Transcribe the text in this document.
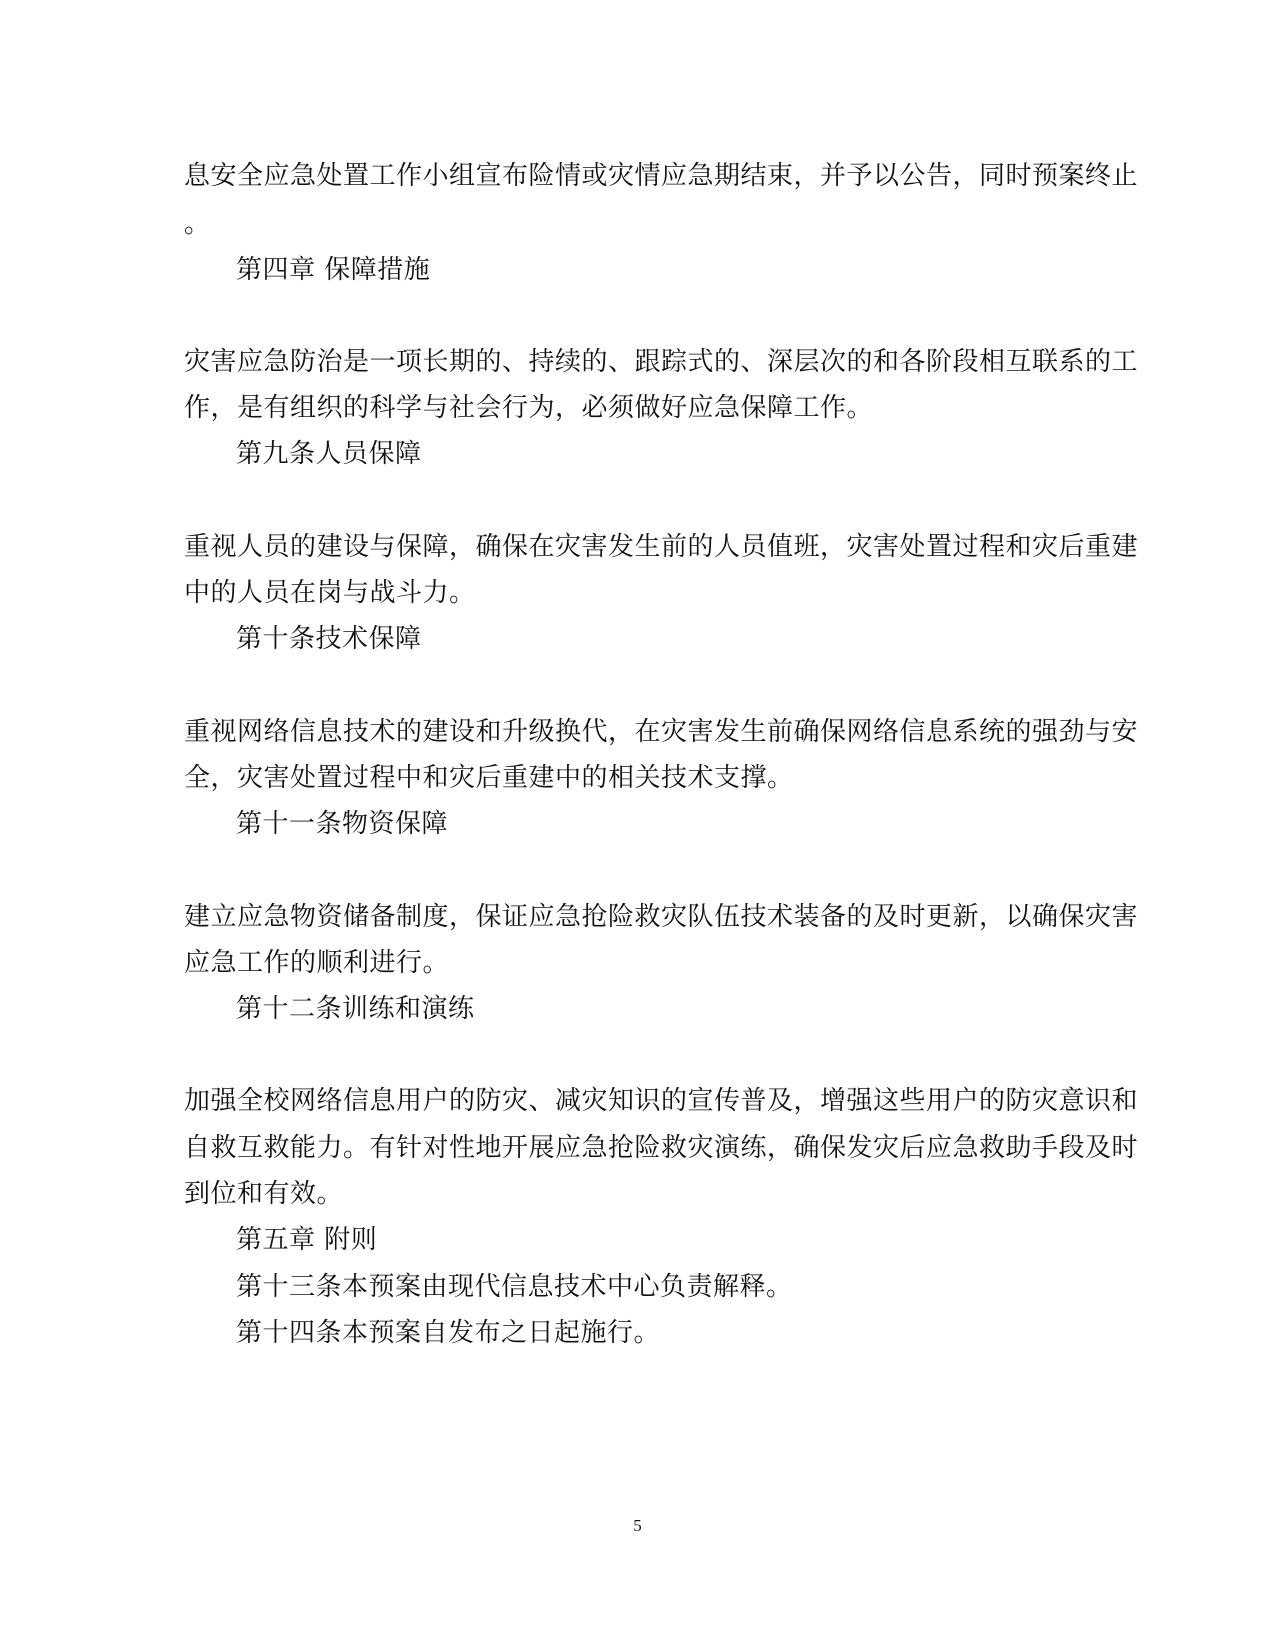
息安全应急处置工作小组宣布险情或灾情应急期结束，并予以公告，同时预案终止
。
第四章 保障措施
灾害应急防治是一项长期的、持续的、跟踪式的、深层次的和各阶段相互联系的工
作，是有组织的科学与社会行为，必须做好应急保障工作。
第九条人员保障
重视人员的建设与保障，确保在灾害发生前的人员值班，灾害处置过程和灾后重建
中的人员在岗与战斗力。
第十条技术保障
重视网络信息技术的建设和升级换代，在灾害发生前确保网络信息系统的强劲与安
全，灾害处置过程中和灾后重建中的相关技术支撑。
第十一条物资保障
建立应急物资储备制度，保证应急抢险救灾队伍技术装备的及时更新，以确保灾害
应急工作的顺利进行。
第十二条训练和演练
加强全校网络信息用户的防灾、减灾知识的宣传普及，增强这些用户的防灾意识和
自救互救能力。有针对性地开展应急抢险救灾演练，确保发灾后应急救助手段及时
到位和有效。
第五章 附则
第十三条本预案由现代信息技术中心负责解释。
第十四条本预案自发布之日起施行。
5
